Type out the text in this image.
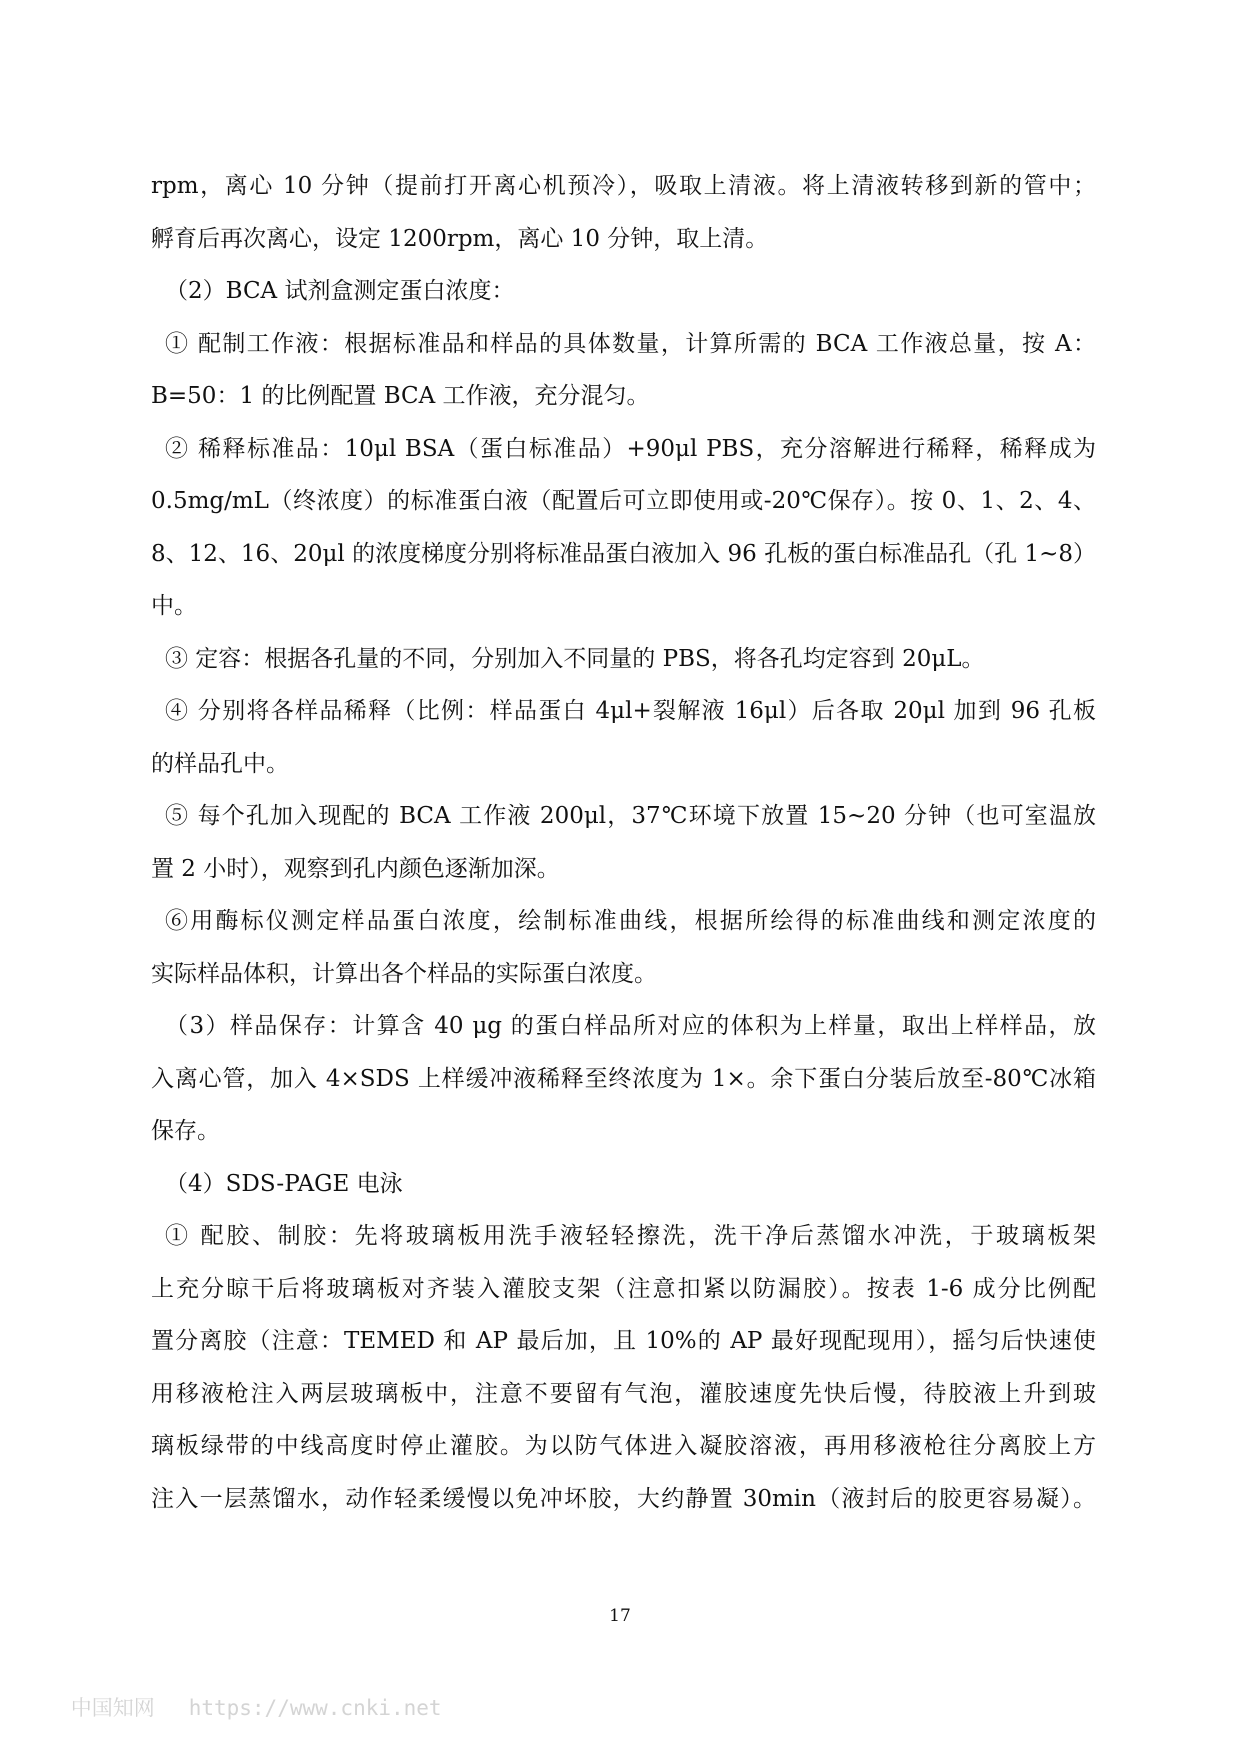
rpm，离心 10 分钟（提前打开离心机预冷），吸取上清液。将上清液转移到新的管中；
孵育后再次离心，设定 1200rpm，离心 10 分钟，取上清。
（2）BCA 试剂盒测定蛋白浓度：
① 配制工作液：根据标准品和样品的具体数量，计算所需的 BCA 工作液总量，按 A：
B=50：1 的比例配置 BCA 工作液，充分混匀。
② 稀释标准品：10μl BSA（蛋白标准品）+90μl PBS，充分溶解进行稀释，稀释成为
0.5mg/mL（终浓度）的标准蛋白液（配置后可立即使用或-20℃保存）。按 0、1、2、4、
8、12、16、20μl 的浓度梯度分别将标准品蛋白液加入 96 孔板的蛋白标准品孔（孔 1~8）
中。
③ 定容：根据各孔量的不同，分别加入不同量的 PBS，将各孔均定容到 20μL。
④ 分别将各样品稀释（比例：样品蛋白 4μl+裂解液 16μl）后各取 20μl 加到 96 孔板
的样品孔中。
⑤ 每个孔加入现配的 BCA 工作液 200μl，37℃环境下放置 15~20 分钟（也可室温放
置 2 小时），观察到孔内颜色逐渐加深。
⑥用酶标仪测定样品蛋白浓度，绘制标准曲线，根据所绘得的标准曲线和测定浓度的
实际样品体积，计算出各个样品的实际蛋白浓度。
（3）样品保存：计算含 40 μg 的蛋白样品所对应的体积为上样量，取出上样样品，放
入离心管，加入 4×SDS 上样缓冲液稀释至终浓度为 1×。余下蛋白分装后放至-80℃冰箱
保存。
（4）SDS-PAGE 电泳
① 配胶、制胶：先将玻璃板用洗手液轻轻擦洗，洗干净后蒸馏水冲洗，于玻璃板架
上充分晾干后将玻璃板对齐装入灌胶支架（注意扣紧以防漏胶）。按表 1-6 成分比例配
置分离胶（注意：TEMED 和 AP 最后加，且 10%的 AP 最好现配现用），摇匀后快速使
用移液枪注入两层玻璃板中，注意不要留有气泡，灌胶速度先快后慢，待胶液上升到玻
璃板绿带的中线高度时停止灌胶。为以防气体进入凝胶溶液，再用移液枪往分离胶上方
注入一层蒸馏水，动作轻柔缓慢以免冲坏胶，大约静置 30min（液封后的胶更容易凝）。
17

中国知网 https://www.cnki.net
